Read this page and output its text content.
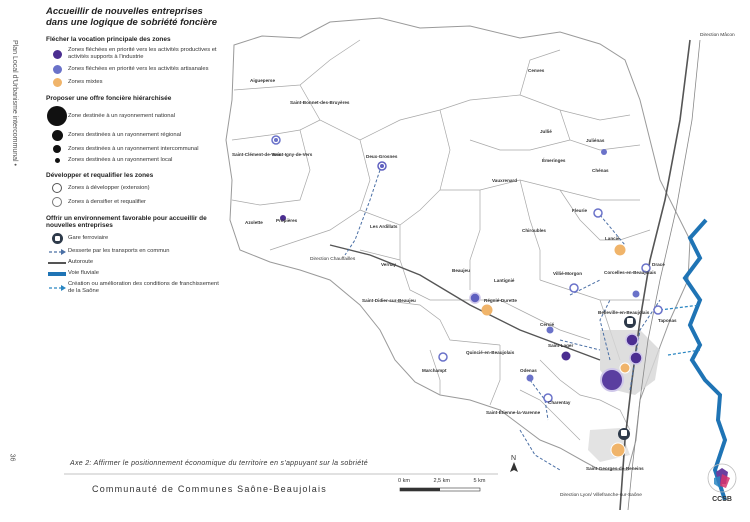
Plan Local d'Urbanisme intercommunal •
36
Aigueperse
Saint-Bonnet-des-Bruyères
Cenves
Saint-Clément-de-Vers
Saint-Igny-de-Vers	Deux-Grosnes
Juliénas
Jullié
Émeringes
Chénas
Vauxrenard
Propières
Azolette
Les Ardillats
Fleurie
Chiroubles
Lancié
Vernay
Beaujeu
Lantignié
Villié-Morgon	Corcelles-en-Beaujolais
Dracé
Saint-Didier-sur-Beaujeu	Régnié-Durette
Belleville-en-Beaujolais
Taponas
Cercié
Saint-Lager
Quincié-en-Beaujolais
Marchampt	Odenas
Charentay
Saint-Étienne-la-Varenne
Saint-Georges-de-Reneins
Direction Mâcon
Direction Chauffailles
Direction Lyon/ Villefranche-sur-Saône
N
Accueillir de nouvelles entreprises
dans une logique de sobriété foncière
Flécher la vocation principale des zones
Zones fléchées en priorité vers les activités productives et activités supports à l'industrie
Zones fléchées en priorité vers les activités artisanales
Zones mixtes
Proposer une offre foncière hiérarchisée
Zone destinée à un rayonnement national
Zones destinées à un rayonnement régional
Zones destinées à un rayonnement intercommunal
Zones destinées à un rayonnement local
Développer et requalifier les zones
Zones à développer (extension)
Zones à densifier et requalifier
Offrir un environnement favorable pour accueillir de nouvelles entreprises
Gare ferroviaire
Desserte par les transports en commun
Autoroute
Voie fluviale
Création ou amélioration des conditions de franchissement de la Saône
Axe 2: Affirmer le positionnement économique du territoire en s'appuyant sur la sobriété
Communauté de Communes Saône-Beaujolais
0 km	2,5 km	5 km
CCSB
